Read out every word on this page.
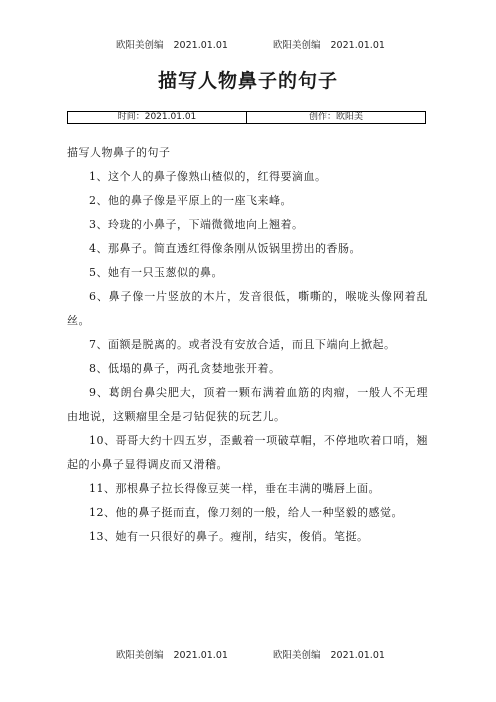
欧阳美创编 2021.01.01	欧阳美创编 2021.01.01
描写人物鼻子的句子
时间：2021.01.01	创作：欧阳美

描写人物鼻子的句子

1、这个人的鼻子像熟山楂似的，红得要滴血。

2、他的鼻子像是平原上的一座飞来峰。

3、玲珑的小鼻子，下端微微地向上翘着。

4、那鼻子。简直透红得像条刚从饭锅里捞出的香肠。

5、她有一只玉葱似的鼻。

6、鼻子像一片竖放的木片，发音很低，嘶嘶的，喉咙头像网着乱丝。

7、面额是脱离的。或者没有安放合适，而且下端向上掀起。

8、低塌的鼻子，两孔贪婪地张开着。

9、葛朗台鼻尖肥大，顶着一颗布满着血筋的肉瘤，一般人不无理由地说，这颗瘤里全是刁钻促狭的玩艺儿。

10、哥哥大约十四五岁，歪戴着一项破草帽，不停地吹着口哨，翘起的小鼻子显得调皮而又滑稽。

11、那根鼻子拉长得像豆荚一样，垂在丰满的嘴唇上面。

12、他的鼻子挺而直，像刀刻的一般，给人一种坚毅的感觉。

13、她有一只很好的鼻子。瘦削，结实，俊俏。笔挺。

欧阳美创编 2021.01.01	欧阳美创编 2021.01.01
